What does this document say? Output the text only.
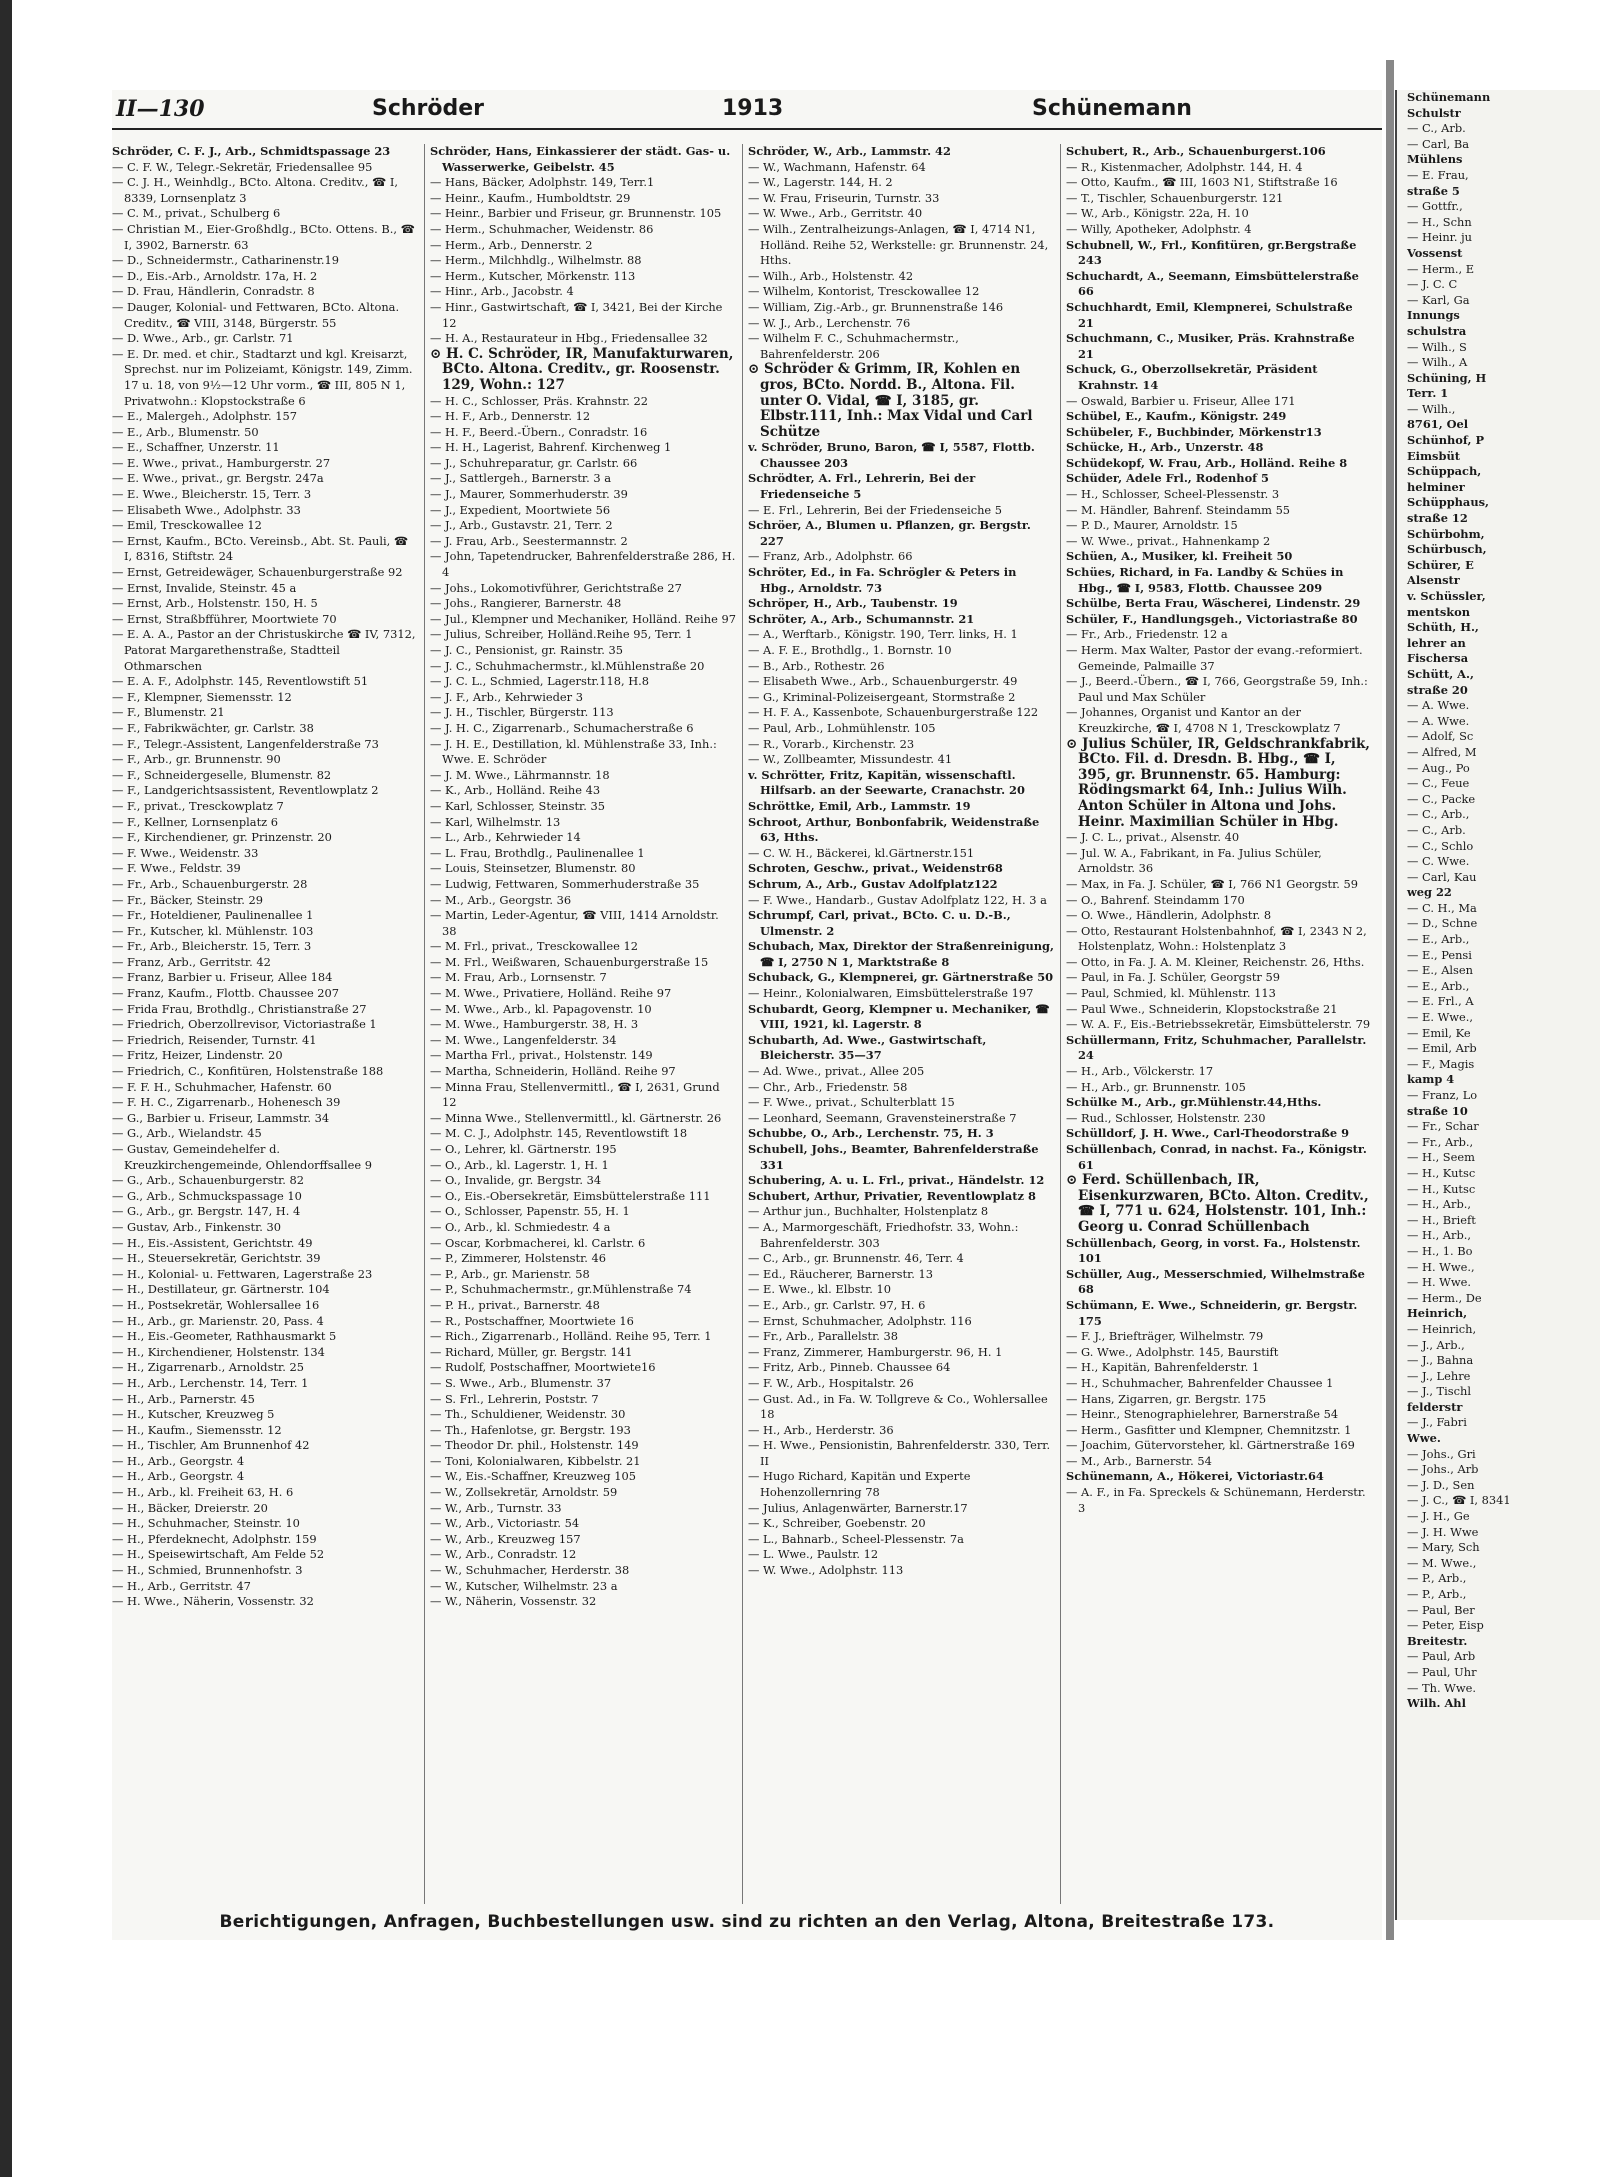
II—130	Schröder	1913	Schünemann

Schröder, C. F. J., Arb., Schmidtspassage 23

— C. F. W., Telegr.-Sekretär, Friedensallee 95

— C. J. H., Weinhdlg., BCto. Altona. Creditv., ☎ I, 8339, Lornsenplatz 3

— C. M., privat., Schulberg 6

— Christian M., Eier-Großhdlg., BCto. Ottens. B., ☎ I, 3902, Barnerstr. 63

— D., Schneidermstr., Catharinenstr.19

— D., Eis.-Arb., Arnoldstr. 17a, H. 2

— D. Frau, Händlerin, Conradstr. 8

— Dauger, Kolonial- und Fettwaren, BCto. Altona. Creditv., ☎ VIII, 3148, Bürgerstr. 55

— D. Wwe., Arb., gr. Carlstr. 71

— E. Dr. med. et chir., Stadtarzt und kgl. Kreisarzt, Sprechst. nur im Polizeiamt, Königstr. 149, Zimm. 17 u. 18, von 9½—12 Uhr vorm., ☎ III, 805 N 1, Privatwohn.: Klopstockstraße 6

— E., Malergeh., Adolphstr. 157

— E., Arb., Blumenstr. 50

— E., Schaffner, Unzerstr. 11

— E. Wwe., privat., Hamburgerstr. 27

— E. Wwe., privat., gr. Bergstr. 247a

— E. Wwe., Bleicherstr. 15, Terr. 3

— Elisabeth Wwe., Adolphstr. 33

— Emil, Tresckowallee 12

— Ernst, Kaufm., BCto. Vereinsb., Abt. St. Pauli, ☎ I, 8316, Stiftstr. 24

— Ernst, Getreidewäger, Schauenburgerstraße 92

— Ernst, Invalide, Steinstr. 45 a

— Ernst, Arb., Holstenstr. 150, H. 5

— Ernst, Straßbfführer, Moortwiete 70

— E. A. A., Pastor an der Christuskirche ☎ IV, 7312, Patorat Margarethenstraße, Stadtteil Othmarschen

— E. A. F., Adolphstr. 145, Reventlowstift 51

— F., Klempner, Siemensstr. 12

— F., Blumenstr. 21

— F., Fabrikwächter, gr. Carlstr. 38

— F., Telegr.-Assistent, Langenfelderstraße 73

— F., Arb., gr. Brunnenstr. 90

— F., Schneidergeselle, Blumenstr. 82

— F., Landgerichtsassistent, Reventlowplatz 2

— F., privat., Tresckowplatz 7

— F., Kellner, Lornsenplatz 6

— F., Kirchendiener, gr. Prinzenstr. 20

— F. Wwe., Weidenstr. 33

— F. Wwe., Feldstr. 39

— Fr., Arb., Schauenburgerstr. 28

— Fr., Bäcker, Steinstr. 29

— Fr., Hoteldiener, Paulinenallee 1

— Fr., Kutscher, kl. Mühlenstr. 103

— Fr., Arb., Bleicherstr. 15, Terr. 3

— Franz, Arb., Gerritstr. 42

— Franz, Barbier u. Friseur, Allee 184

— Franz, Kaufm., Flottb. Chaussee 207

— Frida Frau, Brothdlg., Christianstraße 27

— Friedrich, Oberzollrevisor, Victoriastraße 1

— Friedrich, Reisender, Turnstr. 41

— Fritz, Heizer, Lindenstr. 20

— Friedrich, C., Konfitüren, Holstenstraße 188

— F. F. H., Schuhmacher, Hafenstr. 60

— F. H. C., Zigarrenarb., Hohenesch 39

— G., Barbier u. Friseur, Lammstr. 34

— G., Arb., Wielandstr. 45

— Gustav, Gemeindehelfer d. Kreuzkirchengemeinde, Ohlendorffsallee 9

— G., Arb., Schauenburgerstr. 82

— G., Arb., Schmuckspassage 10

— G., Arb., gr. Bergstr. 147, H. 4

— Gustav, Arb., Finkenstr. 30

— H., Eis.-Assistent, Gerichtstr. 49

— H., Steuersekretär, Gerichtstr. 39

— H., Kolonial- u. Fettwaren, Lagerstraße 23

— H., Destillateur, gr. Gärtnerstr. 104

— H., Postsekretär, Wohlersallee 16

— H., Arb., gr. Marienstr. 20, Pass. 4

— H., Eis.-Geometer, Rathhausmarkt 5

— H., Kirchendiener, Holstenstr. 134

— H., Zigarrenarb., Arnoldstr. 25

— H., Arb., Lerchenstr. 14, Terr. 1

— H., Arb., Parnerstr. 45

— H., Kutscher, Kreuzweg 5

— H., Kaufm., Siemensstr. 12

— H., Tischler, Am Brunnenhof 42

— H., Arb., Georgstr. 4

— H., Arb., Georgstr. 4

— H., Arb., kl. Freiheit 63, H. 6

— H., Bäcker, Dreierstr. 20

— H., Schuhmacher, Steinstr. 10

— H., Pferdeknecht, Adolphstr. 159

— H., Speisewirtschaft, Am Felde 52

— H., Schmied, Brunnenhofstr. 3

— H., Arb., Gerritstr. 47

— H. Wwe., Näherin, Vossenstr. 32

Schröder, Hans, Einkassierer der städt. Gas- u. Wasserwerke, Geibelstr. 45

— Hans, Bäcker, Adolphstr. 149, Terr.1

— Heinr., Kaufm., Humboldtstr. 29

— Heinr., Barbier und Friseur, gr. Brunnenstr. 105

— Herm., Schuhmacher, Weidenstr. 86

— Herm., Arb., Dennerstr. 2

— Herm., Milchhdlg., Wilhelmstr. 88

— Herm., Kutscher, Mörkenstr. 113

— Hinr., Arb., Jacobstr. 4

— Hinr., Gastwirtschaft, ☎ I, 3421, Bei der Kirche 12

— H. A., Restaurateur in Hbg., Friedensallee 32

⊙ H. C. Schröder, IR, Manufakturwaren, BCto. Altona. Creditv., gr. Roosenstr. 129, Wohn.: 127

— H. C., Schlosser, Präs. Krahnstr. 22

— H. F., Arb., Dennerstr. 12

— H. F., Beerd.-Übern., Conradstr. 16

— H. H., Lagerist, Bahrenf. Kirchenweg 1

— J., Schuhreparatur, gr. Carlstr. 66

— J., Sattlergeh., Barnerstr. 3 a

— J., Maurer, Sommerhuderstr. 39

— J., Expedient, Moortwiete 56

— J., Arb., Gustavstr. 21, Terr. 2

— J. Frau, Arb., Seestermannstr. 2

— John, Tapetendrucker, Bahrenfelderstraße 286, H. 4

— Johs., Lokomotivführer, Gerichtstraße 27

— Johs., Rangierer, Barnerstr. 48

— Jul., Klempner und Mechaniker, Holländ. Reihe 97

— Julius, Schreiber, Holländ.Reihe 95, Terr. 1

— J. C., Pensionist, gr. Rainstr. 35

— J. C., Schuhmachermstr., kl.Mühlenstraße 20

— J. C. L., Schmied, Lagerstr.118, H.8

— J. F., Arb., Kehrwieder 3

— J. H., Tischler, Bürgerstr. 113

— J. H. C., Zigarrenarb., Schumacherstraße 6

— J. H. E., Destillation, kl. Mühlenstraße 33, Inh.: Wwe. E. Schröder

— J. M. Wwe., Lährmannstr. 18

— K., Arb., Holländ. Reihe 43

— Karl, Schlosser, Steinstr. 35

— Karl, Wilhelmstr. 13

— L., Arb., Kehrwieder 14

— L. Frau, Brothdlg., Paulinenallee 1

— Louis, Steinsetzer, Blumenstr. 80

— Ludwig, Fettwaren, Sommerhuderstraße 35

— M., Arb., Georgstr. 36

— Martin, Leder-Agentur, ☎ VIII, 1414 Arnoldstr. 38

— M. Frl., privat., Tresckowallee 12

— M. Frl., Weißwaren, Schauenburgerstraße 15

— M. Frau, Arb., Lornsenstr. 7

— M. Wwe., Privatiere, Holländ. Reihe 97

— M. Wwe., Arb., kl. Papagovenstr. 10

— M. Wwe., Hamburgerstr. 38, H. 3

— M. Wwe., Langenfelderstr. 34

— Martha Frl., privat., Holstenstr. 149

— Martha, Schneiderin, Holländ. Reihe 97

— Minna Frau, Stellenvermittl., ☎ I, 2631, Grund 12

— Minna Wwe., Stellenvermittl., kl. Gärtnerstr. 26

— M. C. J., Adolphstr. 145, Reventlowstift 18

— O., Lehrer, kl. Gärtnerstr. 195

— O., Arb., kl. Lagerstr. 1, H. 1

— O., Invalide, gr. Bergstr. 34

— O., Eis.-Obersekretär, Eimsbüttelerstraße 111

— O., Schlosser, Papenstr. 55, H. 1

— O., Arb., kl. Schmiedestr. 4 a

— Oscar, Korbmacherei, kl. Carlstr. 6

— P., Zimmerer, Holstenstr. 46

— P., Arb., gr. Marienstr. 58

— P., Schuhmachermstr., gr.Mühlenstraße 74

— P. H., privat., Barnerstr. 48

— R., Postschaffner, Moortwiete 16

— Rich., Zigarrenarb., Holländ. Reihe 95, Terr. 1

— Richard, Müller, gr. Bergstr. 141

— Rudolf, Postschaffner, Moortwiete16

— S. Wwe., Arb., Blumenstr. 37

— S. Frl., Lehrerin, Poststr. 7

— Th., Schuldiener, Weidenstr. 30

— Th., Hafenlotse, gr. Bergstr. 193

— Theodor Dr. phil., Holstenstr. 149

— Toni, Kolonialwaren, Kibbelstr. 21

— W., Eis.-Schaffner, Kreuzweg 105

— W., Zollsekretär, Arnoldstr. 59

— W., Arb., Turnstr. 33

— W., Arb., Victoriastr. 54

— W., Arb., Kreuzweg 157

— W., Arb., Conradstr. 12

— W., Schuhmacher, Herderstr. 38

— W., Kutscher, Wilhelmstr. 23 a

— W., Näherin, Vossenstr. 32

Schröder, W., Arb., Lammstr. 42

— W., Wachmann, Hafenstr. 64

— W., Lagerstr. 144, H. 2

— W. Frau, Friseurin, Turnstr. 33

— W. Wwe., Arb., Gerritstr. 40

— Wilh., Zentralheizungs-Anlagen, ☎ I, 4714 N1, Holländ. Reihe 52, Werkstelle: gr. Brunnenstr. 24, Hths.

— Wilh., Arb., Holstenstr. 42

— Wilhelm, Kontorist, Tresckowallee 12

— William, Zig.-Arb., gr. Brunnenstraße 146

— W. J., Arb., Lerchenstr. 76

— Wilhelm F. C., Schuhmachermstr., Bahrenfelderstr. 206

⊙ Schröder & Grimm, IR, Kohlen en gros, BCto. Nordd. B., Altona. Fil. unter O. Vidal, ☎ I, 3185, gr. Elbstr.111, Inh.: Max Vidal und Carl Schütze

v. Schröder, Bruno, Baron, ☎ I, 5587, Flottb. Chaussee 203

Schrödter, A. Frl., Lehrerin, Bei der Friedenseiche 5

— E. Frl., Lehrerin, Bei der Friedenseiche 5

Schröer, A., Blumen u. Pflanzen, gr. Bergstr. 227

— Franz, Arb., Adolphstr. 66

Schröter, Ed., in Fa. Schrögler & Peters in Hbg., Arnoldstr. 73

Schröper, H., Arb., Taubenstr. 19

Schröter, A., Arb., Schumannstr. 21

— A., Werftarb., Königstr. 190, Terr. links, H. 1

— A. F. E., Brothdlg., 1. Bornstr. 10

— B., Arb., Rothestr. 26

— Elisabeth Wwe., Arb., Schauenburgerstr. 49

— G., Kriminal-Polizeisergeant, Stormstraße 2

— H. F. A., Kassenbote, Schauenburgerstraße 122

— Paul, Arb., Lohmühlenstr. 105

— R., Vorarb., Kirchenstr. 23

— W., Zollbeamter, Missundestr. 41

v. Schrötter, Fritz, Kapitän, wissenschaftl. Hilfsarb. an der Seewarte, Cranachstr. 20

Schröttke, Emil, Arb., Lammstr. 19

Schroot, Arthur, Bonbonfabrik, Weidenstraße 63, Hths.

— C. W. H., Bäckerei, kl.Gärtnerstr.151

Schroten, Geschw., privat., Weidenstr68

Schrum, A., Arb., Gustav Adolfplatz122

— F. Wwe., Handarb., Gustav Adolfplatz 122, H. 3 a

Schrumpf, Carl, privat., BCto. C. u. D.-B., Ulmenstr. 2

Schubach, Max, Direktor der Straßenreinigung, ☎ I, 2750 N 1, Marktstraße 8

Schuback, G., Klempnerei, gr. Gärtnerstraße 50

— Heinr., Kolonialwaren, Eimsbüttelerstraße 197

Schubardt, Georg, Klempner u. Mechaniker, ☎ VIII, 1921, kl. Lagerstr. 8

Schubarth, Ad. Wwe., Gastwirtschaft, Bleicherstr. 35—37

— Ad. Wwe., privat., Allee 205

— Chr., Arb., Friedenstr. 58

— F. Wwe., privat., Schulterblatt 15

— Leonhard, Seemann, Gravensteinerstraße 7

Schubbe, O., Arb., Lerchenstr. 75, H. 3

Schubell, Johs., Beamter, Bahrenfelderstraße 331

Schubering, A. u. L. Frl., privat., Händelstr. 12

Schubert, Arthur, Privatier, Reventlowplatz 8

— Arthur jun., Buchhalter, Holstenplatz 8

— A., Marmorgeschäft, Friedhofstr. 33, Wohn.: Bahrenfelderstr. 303

— C., Arb., gr. Brunnenstr. 46, Terr. 4

— Ed., Räucherer, Barnerstr. 13

— E. Wwe., kl. Elbstr. 10

— E., Arb., gr. Carlstr. 97, H. 6

— Ernst, Schuhmacher, Adolphstr. 116

— Fr., Arb., Parallelstr. 38

— Franz, Zimmerer, Hamburgerstr. 96, H. 1

— Fritz, Arb., Pinneb. Chaussee 64

— F. W., Arb., Hospitalstr. 26

— Gust. Ad., in Fa. W. Tollgreve & Co., Wohlersallee 18

— H., Arb., Herderstr. 36

— H. Wwe., Pensionistin, Bahrenfelderstr. 330, Terr. II

— Hugo Richard, Kapitän und Experte Hohenzollernring 78

— Julius, Anlagenwärter, Barnerstr.17

— K., Schreiber, Goebenstr. 20

— L., Bahnarb., Scheel-Plessenstr. 7a

— L. Wwe., Paulstr. 12

— W. Wwe., Adolphstr. 113

Schubert, R., Arb., Schauenburgerst.106

— R., Kistenmacher, Adolphstr. 144, H. 4

— Otto, Kaufm., ☎ III, 1603 N1, Stiftstraße 16

— T., Tischler, Schauenburgerstr. 121

— W., Arb., Königstr. 22a, H. 10

— Willy, Apotheker, Adolphstr. 4

Schubnell, W., Frl., Konfitüren, gr.Bergstraße 243

Schuchardt, A., Seemann, Eimsbüttelerstraße 66

Schuchhardt, Emil, Klempnerei, Schulstraße 21

Schuchmann, C., Musiker, Präs. Krahnstraße 21

Schuck, G., Oberzollsekretär, Präsident Krahnstr. 14

— Oswald, Barbier u. Friseur, Allee 171

Schübel, E., Kaufm., Königstr. 249

Schübeler, F., Buchbinder, Mörkenstr13

Schücke, H., Arb., Unzerstr. 48

Schüdekopf, W. Frau, Arb., Holländ. Reihe 8

Schüder, Adele Frl., Rodenhof 5

— H., Schlosser, Scheel-Plessenstr. 3

— M. Händler, Bahrenf. Steindamm 55

— P. D., Maurer, Arnoldstr. 15

— W. Wwe., privat., Hahnenkamp 2

Schüen, A., Musiker, kl. Freiheit 50

Schües, Richard, in Fa. Landby & Schües in Hbg., ☎ I, 9583, Flottb. Chaussee 209

Schülbe, Berta Frau, Wäscherei, Lindenstr. 29

Schüler, F., Handlungsgeh., Victoriastraße 80

— Fr., Arb., Friedenstr. 12 a

— Herm. Max Walter, Pastor der evang.-reformiert. Gemeinde, Palmaille 37

— J., Beerd.-Übern., ☎ I, 766, Georgstraße 59, Inh.: Paul und Max Schüler

— Johannes, Organist und Kantor an der Kreuzkirche, ☎ I, 4708 N 1, Tresckowplatz 7

⊙ Julius Schüler, IR, Geldschrankfabrik, BCto. Fil. d. Dresdn. B. Hbg., ☎ I, 395, gr. Brunnenstr. 65. Hamburg: Rödingsmarkt 64, Inh.: Julius Wilh. Anton Schüler in Altona und Johs. Heinr. Maximilian Schüler in Hbg.

— J. C. L., privat., Alsenstr. 40

— Jul. W. A., Fabrikant, in Fa. Julius Schüler, Arnoldstr. 36

— Max, in Fa. J. Schüler, ☎ I, 766 N1 Georgstr. 59

— O., Bahrenf. Steindamm 170

— O. Wwe., Händlerin, Adolphstr. 8

— Otto, Restaurant Holstenbahnhof, ☎ I, 2343 N 2, Holstenplatz, Wohn.: Holstenplatz 3

— Otto, in Fa. J. A. M. Kleiner, Reichenstr. 26, Hths.

— Paul, in Fa. J. Schüler, Georgstr 59

— Paul, Schmied, kl. Mühlenstr. 113

— Paul Wwe., Schneiderin, Klopstockstraße 21

— W. A. F., Eis.-Betriebssekretär, Eimsbüttelerstr. 79

Schüllermann, Fritz, Schuhmacher, Parallelstr. 24

— H., Arb., Völckerstr. 17

— H., Arb., gr. Brunnenstr. 105

Schülke M., Arb., gr.Mühlenstr.44,Hths.

— Rud., Schlosser, Holstenstr. 230

Schülldorf, J. H. Wwe., Carl-Theodorstraße 9

Schüllenbach, Conrad, in nachst. Fa., Königstr. 61

⊙ Ferd. Schüllenbach, IR, Eisenkurzwaren, BCto. Alton. Creditv., ☎ I, 771 u. 624, Holstenstr. 101, Inh.: Georg u. Conrad Schüllenbach

Schüllenbach, Georg, in vorst. Fa., Holstenstr. 101

Schüller, Aug., Messerschmied, Wilhelmstraße 68

Schümann, E. Wwe., Schneiderin, gr. Bergstr. 175

— F. J., Briefträger, Wilhelmstr. 79

— G. Wwe., Adolphstr. 145, Baurstift

— H., Kapitän, Bahrenfelderstr. 1

— H., Schuhmacher, Bahrenfelder Chaussee 1

— Hans, Zigarren, gr. Bergstr. 175

— Heinr., Stenographielehrer, Barnerstraße 54

— Herm., Gasfitter und Klempner, Chemnitzstr. 1

— Joachim, Gütervorsteher, kl. Gärtnerstraße 169

— M., Arb., Barnerstr. 54

Schünemann, A., Hökerei, Victoriastr.64

— A. F., in Fa. Spreckels & Schünemann, Herderstr. 3

Berichtigungen, Anfragen, Buchbestellungen usw. sind zu richten an den Verlag, Altona, Breitestraße 173.

Schünemann

Schulstr

— C., Arb.

— Carl, Ba

Mühlens

— E. Frau,

straße 5

— Gottfr.,

— H., Schn

— Heinr. ju

Vossenst

— Herm., E

— J. C. C

— Karl, Ga

Innungs

schulstra

— Wilh., S

— Wilh., A

Schüning, H

Terr. 1

— Wilh.,

8761, Oel

Schünhof, P

Eimsbüt

Schüppach,

helminer

Schüpphaus,

straße 12

Schürbohm,

Schürbusch,

Schürer, E

Alsenstr

v. Schüssler,

mentskon

Schüth, H.,

lehrer an

Fischersa

Schütt, A.,

straße 20

— A. Wwe.

— A. Wwe.

— Adolf, Sc

— Alfred, M

— Aug., Po

— C., Feue

— C., Packe

— C., Arb.,

— C., Arb.

— C., Schlo

— C. Wwe.

— Carl, Kau

weg 22

— C. H., Ma

— D., Schne

— E., Arb.,

— E., Pensi

— E., Alsen

— E., Arb.,

— E. Frl., A

— E. Wwe.,

— Emil, Ke

— Emil, Arb

— F., Magis

kamp 4

— Franz, Lo

straße 10

— Fr., Schar

— Fr., Arb.,

— H., Seem

— H., Kutsc

— H., Kutsc

— H., Arb.,

— H., Brieft

— H., Arb.,

— H., 1. Bo

— H. Wwe.,

— H. Wwe.

— Herm., De

Heinrich,

— Heinrich,

— J., Arb.,

— J., Bahna

— J., Lehre

— J., Tischl

felderstr

— J., Fabri

Wwe.

— Johs., Gri

— Johs., Arb

— J. D., Sen

— J. C., ☎ I, 8341

— J. H., Ge

— J. H. Wwe

— Mary, Sch

— M. Wwe.,

— P., Arb.,

— P., Arb.,

— Paul, Ber

— Peter, Eisp

Breitestr.

— Paul, Arb

— Paul, Uhr

— Th. Wwe.

Wilh. Ahl
